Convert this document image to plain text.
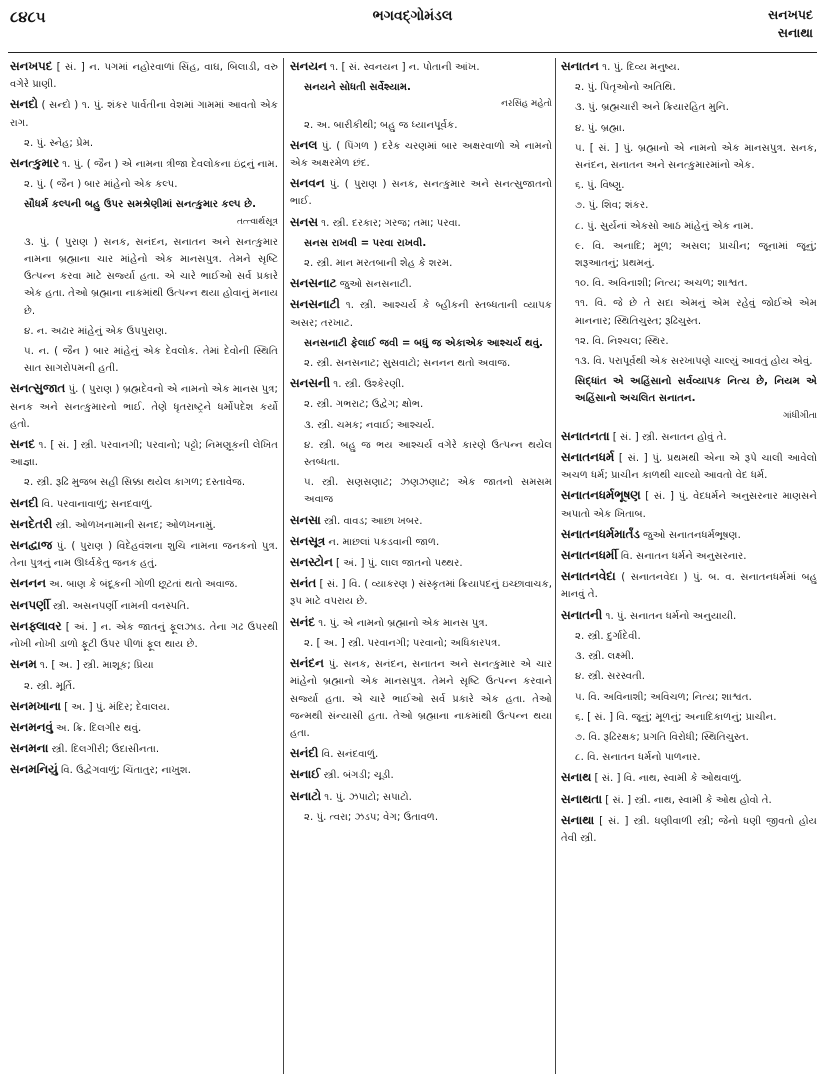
૮૪૮૫	ભગવદ્ગોમંડલ	સનખપદ
સનાથા
સનખપદ [ સં. ] ન. પગમાં નહોરવાળાં સિંહ, વાઘ, બિલાડી, વરુ વગેરે પ્રાણી.
સનદો ( સન્દો ) ૧. પું. શંકર પાર્વતીના વેશમાં ગામમાં આવતો એક રાગ.
૨. પું. સ્નેહ; પ્રેમ.
સનત્કુમાર ૧. પું. ( જૈન ) એ નામના ત્રીજા દેવલોકના ઇંદ્રનું નામ.
૨. પું. ( જૈન ) બાર માંહેનો એક કલ્પ.
સૌધર્મ કલ્પની બહુ ઉપર સમશ્રેણીમાં સનત્કુમાર કલ્પ છે.
તત્ત્વાર્થસૂત્ર
૩. પું. ( પુરાણ ) સનક, સનંદન, સનાતન અને સનત્કુમાર નામના બ્રહ્માના ચાર માંહેનો એક માનસપુત્ર. તેમને સૃષ્ટિ ઉત્પન્ન કરવા માટે સર્જ્યા હતા. એ ચારે ભાઈઓ સર્વ પ્રકારે એક હતા. તેઓ બ્રહ્માના નાકમાંથી ઉત્પન્ન થયા હોવાનું મનાય છે.
૪. ન. અઢાર માંહેનું એક ઉપપુરાણ.
૫. ન. ( જૈન ) બાર માંહેનું એક દેવલોક. તેમાં દેવોની સ્થિતિ સાત સાગરોપમની હતી.
સનત્સુજાત પું. ( પુરાણ ) બ્રહ્મદેવનો એ નામનો એક માનસ પુત્ર; સનક અને સનત્કુમારનો ભાઈ. તેણે ધૃતરાષ્ટ્રને ધર્મોપદેશ કર્યો હતો.
સનદ ૧. [ સં. ] સ્ત્રી. પરવાનગી; પરવાનો; પટ્ટો; નિમણૂકની લેખિત આજ્ઞા.
૨. સ્ત્રી. રૂઢિ મુજબ સહી સિક્કા થયેલ કાગળ; દસ્તાવેજ.
સનદી વિ. પરવાનાવાળું; સનદવાળું.
સનદેતરી સ્ત્રી. ઓળખનામાની સનદ; ઓળખનામું.
સનદ્વાજ પું. ( પુરાણ ) વિદેહવંશના શુચિ નામના જનકનો પુત્ર. તેના પુત્રનું નામ ઊર્ધ્વકેતુ જનક હતું.
સનનન અ. બાણ કે બંદૂકની ગોળી છૂટતાં થતો અવાજ.
સનપર્ણી સ્ત્રી. અસનપર્ણી નામની વનસ્પતિ.
સનફ્લાવર [ અં. ] ન. એક જાતનું ફૂલઝાડ. તેના ગઢ ઉપરથી નોખી નોખી ડાળો ફૂટી ઉપર પીળાં ફૂલ થાય છે.
સનમ ૧. [ અ. ] સ્ત્રી. માશૂક; પ્રિયા
૨. સ્ત્રી. મૂર્તિ.
સનમખાના [ અ. ] પું. મંદિર; દેવાલય.
સનમનવું અ. ક્રિ. દિલગીર થવું.
સનમના સ્ત્રી. દિલગીરી; ઉદાસીનતા.
સનમનિયું વિ. ઉદ્વેગવાળું; ચિંતાતુર; નાખુશ.
સનયન ૧. [ સં. સ્વનયન ] ન. પોતાની આંખ.
સનયને સોધતી સર્વેશ્યામ.
નરસિંહ મહેતો
૨. અ. બારીકીથી; બહુ જ ધ્યાનપૂર્વક.
સનલ પું. ( પિંગળ ) દરેક ચરણમાં બાર અક્ષરવાળો એ નામનો એક અક્ષરમેળ છંદ.
સનવન પું. ( પુરાણ ) સનક, સનત્કુમાર અને સનત્સુજાતનો ભાઈ.
સનસ ૧. સ્ત્રી. દરકાર; ગરજ; તમા; પરવા.
સનસ રાખવી = પરવા રાખવી.
૨. સ્ત્રી. માન મરતબાની શેહ કે શરમ.
સનસનાટ જુઓ સનસનાટી.
સનસનાટી ૧. સ્ત્રી. આશ્ચર્ય કે બ્હીકની સ્તબ્ધતાની વ્યાપક અસર; તરખાટ.
સનસનાટી ફેલાઈ જવી = બધું જ એકાએક આશ્ચર્ય થવું.
૨. સ્ત્રી. સનસનાટ; સુસવાટો; સનનન થતો અવાજ.
સનસની ૧. સ્ત્રી. ઉશ્કેરણી.
૨. સ્ત્રી. ગભરાટ; ઉદ્વેગ; ક્ષોભ.
૩. સ્ત્રી. ચમક; નવાઈ; આશ્ચર્ય.
૪. સ્ત્રી. બહુ જ ભય આશ્ચર્ય વગેરે કારણે ઉત્પન્ન થયેલ સ્તબ્ધતા.
૫. સ્ત્રી. સણસણાટ; ઝણઝણાટ; એક જાતનો સમસમ અવાજ
સનસા સ્ત્રી. વાવડ; આછા ખબર.
સનસૂત્ર ન. માછલાં પકડવાની જાળ.
સનસ્ટોન [ અં. ] પું. લાલ જાતનો પથ્થર.
સનંત [ સં. ] વિ. ( વ્યાકરણ ) સંસ્કૃતમાં ક્રિયાપદનું ઇચ્છાવાચક, રૂપ માટે વપરાય છે.
સનંદ ૧. પું. એ નામનો બ્રહ્માનો એક માનસ પુત્ર.
૨. [ અ. ] સ્ત્રી. પરવાનગી; પરવાનો; અધિકારપત્ર.
સનંદન પું. સનક, સનંદન, સનાતન અને સનત્કુમાર એ ચાર માંહેનો બ્રહ્માનો એક માનસપુત્ર. તેમને સૃષ્ટિ ઉત્પન્ન કરવાને સર્જ્યા હતા. એ ચારે ભાઈઓ સર્વ પ્રકારે એક હતા. તેઓ જન્મથી સંન્યાસી હતા. તેઓ બ્રહ્માના નાકમાંથી ઉત્પન્ન થયા હતા.
સનંદી વિ. સનંદવાળું.
સનાઈ સ્ત્રી. બંગડી; ચૂડી.
સનાટો ૧. પું. ઝપાટો; સપાટો.
૨. પું. ત્વરા; ઝડપ; વેગ; ઉતાવળ.
સનાતન ૧. પું. દિવ્ય મનુષ્ય.
૨. પું. પિતૃઓનો અતિથિ.
૩. પું. બ્રહ્મચારી અને ક્રિયારહિત મુનિ.
૪. પું. બ્રહ્મા.
૫. [ સં. ] પું. બ્રહ્માનો એ નામનો એક માનસપુત્ર. સનક, સનંદન, સનાતન અને સનત્કુમારમાંનો એક.
૬. પું. વિષ્ણુ.
૭. પું. શિવ; શંકર.
૮. પું. સુર્યનાં એકસો આઠ માંહેનું એક નામ.
૯. વિ. અનાદિ; મૂળ; અસલ; પ્રાચીન; જૂનામાં જૂનું; શરૂઆતનું; પ્રથમનું.
૧૦. વિ. અવિનાશી; નિત્ય; અચળ; શાશ્વત.
૧૧. વિ. જે છે તે સદા એમનું એમ રહેવું જોઈએ એમ માનનાર; સ્થિતિચુસ્ત; રૂઢિચુસ્ત.
૧૨. વિ. નિશ્ચલ; સ્થિર.
૧૩. વિ. પરાપૂર્વથી એક સરખાપણે ચાલ્યું આવતું હોય એવું.
સિદ્ધાંત એ અહિંસાનો સર્વવ્યાપક નિત્ય છે, નિયમ એ અહિંસાનો અચલિત સનાતન.
ગાંધીગીતા
સનાતનતા [ સં. ] સ્ત્રી. સનાતન હોવું તે.
સનાતનધર્મ [ સં. ] પું. પ્રથમથી એના એ રૂપે ચાલી આવેલો અચળ ધર્મ; પ્રાચીન કાળથી ચાલ્યો આવતો વેદ ધર્મ.
સનાતનધર્મભૂષણ [ સં. ] પું. વેદધર્મને અનુસરનાર માણસને અપાતો એક ખિતાબ.
સનાતનધર્મમાર્તંડ જુઓ સનાતનધર્મભૂષણ.
સનાતનધર્મી વિ. સનાતન ધર્મને અનુસરનાર.
સનાતનવેદા ( સનાતનવેદા ) પું. બ. વ. સનાતનધર્મમાં બહુ માનવું તે.
સનાતની ૧. પું. સનાતન ધર્મનો અનુયાયી.
૨. સ્ત્રી. દુર્ગાદેવી.
૩. સ્ત્રી. લક્ષ્મી.
૪. સ્ત્રી. સરસ્વતી.
૫. વિ. અવિનાશી; અવિચળ; નિત્ય; શાશ્વત.
૬. [ સં. ] વિ. જૂનું; મૂળનું; અનાદિકાળનું; પ્રાચીન.
૭. વિ. રૂઢિરક્ષક; પ્રગતિ વિરોધી; સ્થિતિચુસ્ત.
૮. વિ. સનાતન ધર્મનો પાળનાર.
સનાથ [ સં. ] વિ. નાથ, સ્વામી કે ઓથવાળું.
સનાથતા [ સં. ] સ્ત્રી. નાથ, સ્વામી કે ઓથ હોવો તે.
સનાથા [ સં. ] સ્ત્રી. ધણીવાળી સ્ત્રી; જેનો ધણી જીવતો હોય તેવી સ્ત્રી.
